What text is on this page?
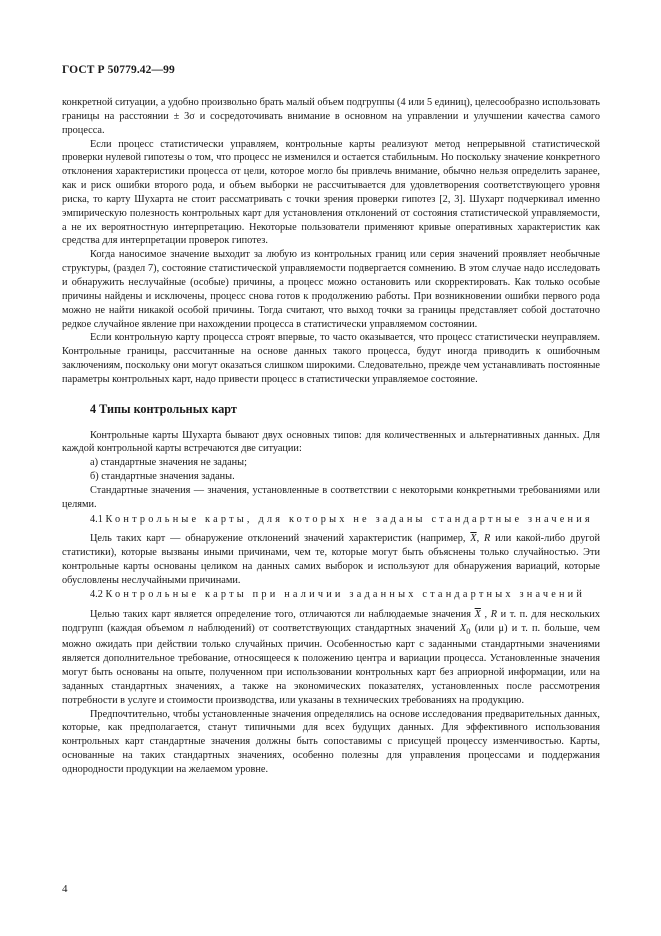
ГОСТ Р 50779.42—99

конкретной ситуации, а удобно произвольно брать малый объем подгруппы (4 или 5 единиц), целесообразно использовать границы на расстоянии ± 3σ и сосредоточивать внимание в основном на управлении и улучшении качества самого процесса.

Если процесс статистически управляем, контрольные карты реализуют метод непрерывной статистической проверки нулевой гипотезы о том, что процесс не изменился и остается стабильным. Но поскольку значение конкретного отклонения характеристики процесса от цели, которое могло бы привлечь внимание, обычно нельзя определить заранее, как и риск ошибки второго рода, и объем выборки не рассчитывается для удовлетворения соответствующего уровня риска, то карту Шухарта не стоит рассматривать с точки зрения проверки гипотез [2, 3]. Шухарт подчеркивал именно эмпирическую полезность контрольных карт для установления отклонений от состояния статистической управляемости, а не их вероятностную интерпретацию. Некоторые пользователи применяют кривые оперативных характеристик как средства для интерпретации проверок гипотез.

Когда наносимое значение выходит за любую из контрольных границ или серия значений проявляет необычные структуры, (раздел 7), состояние статистической управляемости подвергается сомнению. В этом случае надо исследовать и обнаружить неслучайные (особые) причины, а процесс можно остановить или скорректировать. Как только особые причины найдены и исключены, процесс снова готов к продолжению работы. При возникновении ошибки первого рода можно не найти никакой особой причины. Тогда считают, что выход точки за границы представляет собой достаточно редкое случайное явление при нахождении процесса в статистически управляемом состоянии.

Если контрольную карту процесса строят впервые, то часто оказывается, что процесс статистически неуправляем. Контрольные границы, рассчитанные на основе данных такого процесса, будут иногда приводить к ошибочным заключениям, поскольку они могут оказаться слишком широкими. Следовательно, прежде чем устанавливать постоянные параметры контрольных карт, надо привести процесс в статистически управляемое состояние.

4 Типы контрольных карт

Контрольные карты Шухарта бывают двух основных типов: для количественных и альтернативных данных. Для каждой контрольной карты встречаются две ситуации:

а) стандартные значения не заданы;

б) стандартные значения заданы.

Стандартные значения — значения, установленные в соответствии с некоторыми конкретными требованиями или целями.

4.1 Контрольные карты, для которых не заданы стандартные значения

Цель таких карт — обнаружение отклонений значений характеристик (например, $\overline{X}$, R или какой-либо другой статистики), которые вызваны иными причинами, чем те, которые могут быть объяснены только случайностью. Эти контрольные карты основаны целиком на данных самих выборок и используют для обнаружения вариаций, которые обусловлены неслучайными причинами.

4.2 Контрольные карты при наличии заданных стандартных значений

Целью таких карт является определение того, отличаются ли наблюдаемые значения $\overline{X}$ , R и т. п. для нескольких подгрупп (каждая объемом n наблюдений) от соответствующих стандартных значений $X_0$ (или μ) и т. п. больше, чем можно ожидать при действии только случайных причин. Особенностью карт с заданными стандартными значениями является дополнительное требование, относящееся к положению центра и вариации процесса. Установленные значения могут быть основаны на опыте, полученном при использовании контрольных карт без априорной информации, или на заданных стандартных значениях, а также на экономических показателях, установленных после рассмотрения потребности в услуге и стоимости производства, или указаны в технических требованиях на продукцию.

Предпочтительно, чтобы установленные значения определялись на основе исследования предварительных данных, которые, как предполагается, станут типичными для всех будущих данных. Для эффективного использования контрольных карт стандартные значения должны быть сопоставимы с присущей процессу изменчивостью. Карты, основанные на таких стандартных значениях, особенно полезны для управления процессами и поддержания однородности продукции на желаемом уровне.

4
